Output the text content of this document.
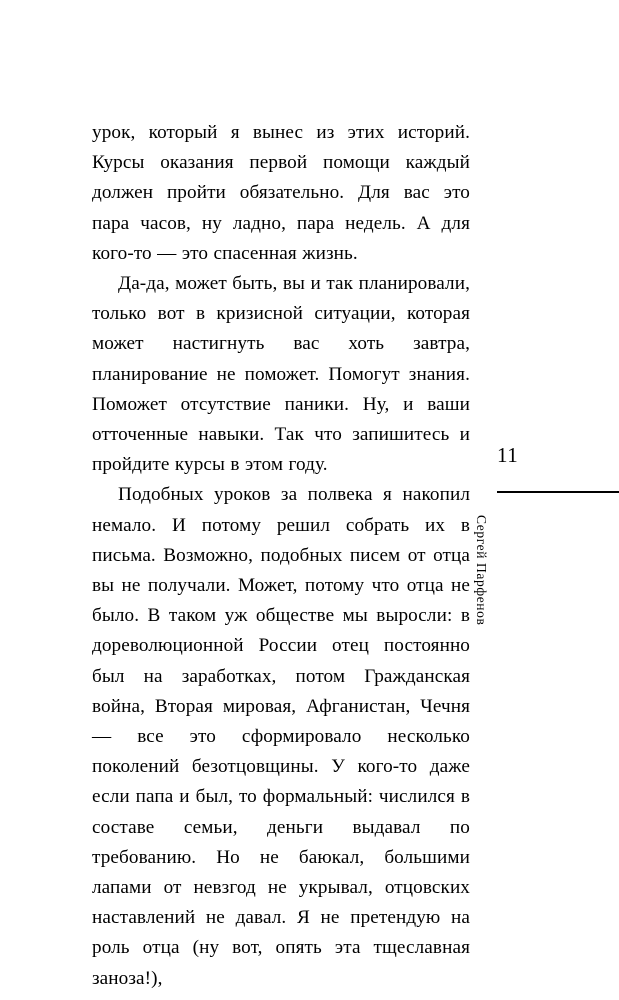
урок, который я вынес из этих историй. Курсы оказания первой помощи каждый должен пройти обязательно. Для вас это пара часов, ну ладно, пара недель. А для кого-то — это спасенная жизнь.

Да-да, может быть, вы и так планировали, только вот в кризисной ситуации, которая может настигнуть вас хоть завтра, планирование не поможет. Помогут знания. Поможет отсутствие паники. Ну, и ваши отточенные навыки. Так что запишитесь и пройдите курсы в этом году.

Подобных уроков за полвека я накопил немало. И потому решил собрать их в письма. Возможно, подобных писем от отца вы не получали. Может, потому что отца не было. В таком уж обществе мы выросли: в дореволюционной России отец постоянно был на заработках, потом Гражданская война, Вторая мировая, Афганистан, Чечня — все это сформировало несколько поколений безотцовщины. У кого-то даже если папа и был, то формальный: числился в составе семьи, деньги выдавал по требованию. Но не баюкал, большими лапами от невзгод не укрывал, отцовских наставлений не давал. Я не претендую на роль отца (ну вот, опять эта тщеславная заноза!),

11
Сергей Парфенов
